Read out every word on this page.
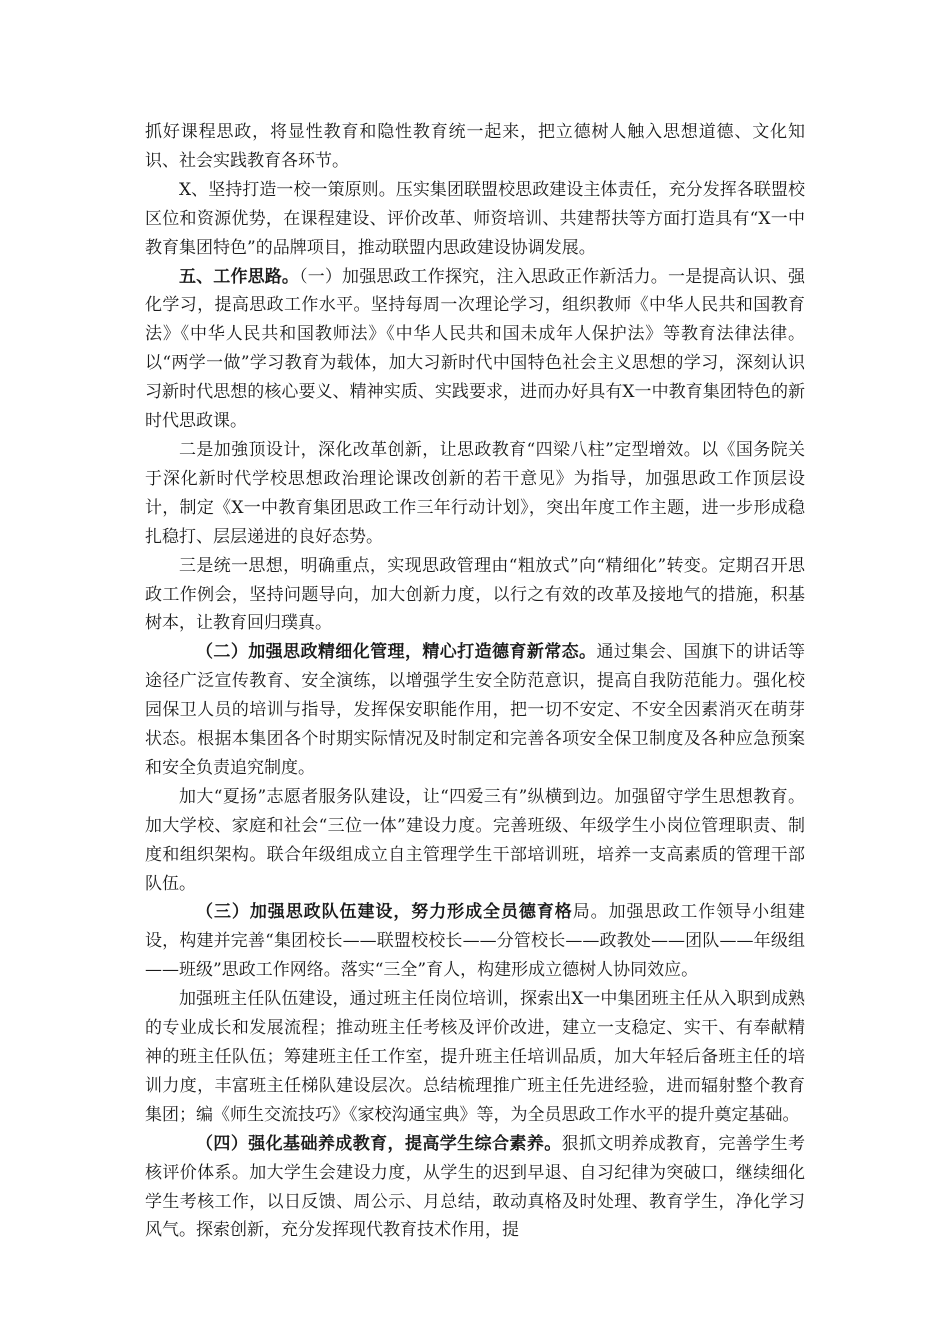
抓好课程思政，将显性教育和隐性教育统一起来，把立德树人触入思想道德、文化知识、社会实践教育各环节。

X、坚持打造一校一策原则。压实集团联盟校思政建设主体责任，充分发挥各联盟校区位和资源优势，在课程建设、评价改革、师资培训、共建帮扶等方面打造具有“X一中教育集团特色”的品牌项目，推动联盟内思政建设协调发展。

五、工作思路。（一）加强思政工作探究，注入思政正作新活力。一是提高认识、强化学习，提高思政工作水平。坚持每周一次理论学习，组织教师《中华人民共和国教育法》《中华人民共和国教师法》《中华人民共和国未成年人保护法》等教育法律法律。以“两学一做”学习教育为载体，加大习新时代中国特色社会主义思想的学习，深刻认识习新时代思想的核心要义、精神实质、实践要求，进而办好具有X一中教育集团特色的新时代思政课。

二是加強顶设计，深化改革创新，让思政教育“四梁八柱”定型增效。以《国务院关于深化新时代学校思想政治理论课改创新的若干意见》为指导，加强思政工作顶层设计，制定《X一中教育集团思政工作三年行动计划》，突出年度工作主题，进一步形成稳扎稳打、层层递进的良好态势。

三是统一思想，明确重点，实现思政管理由“粗放式”向“精细化”转变。定期召开思政工作例会，坚持问题导向，加大创新力度，以行之有效的改革及接地气的措施，积基树本，让教育回归璞真。

（二）加强思政精细化管理，精心打造德育新常态。通过集会、国旗下的讲话等途径广泛宣传教育、安全演练，以增强学生安全防范意识，提高自我防范能力。强化校园保卫人员的培训与指导，发挥保安职能作用，把一切不安定、不安全因素消灭在萌芽状态。根据本集团各个时期实际情况及时制定和完善各项安全保卫制度及各种应急预案和安全负责追究制度。

加大“夏扬”志愿者服务队建设，让“四爱三有”纵横到边。加强留守学生思想教育。加大学校、家庭和社会“三位一体”建设力度。完善班级、年级学生小岗位管理职责、制度和组织架构。联合年级组成立自主管理学生干部培训班，培养一支高素质的管理干部队伍。

（三）加强思政队伍建设，努力形成全员德育格局。加强思政工作领导小组建设，构建并完善“集团校长——联盟校校长——分管校长——政教处——团队——年级组——班级”思政工作网络。落实“三全”育人，构建形成立德树人协同效应。

加强班主任队伍建设，通过班主任岗位培训，探索出X一中集团班主任从入职到成熟的专业成长和发展流程；推动班主任考核及评价改进，建立一支稳定、实干、有奉献精神的班主任队伍；筹建班主任工作室，提升班主任培训品质，加大年轻后备班主任的培训力度，丰富班主任梯队建设层次。总结梳理推广班主任先进经验，进而辐射整个教育集团；编《师生交流技巧》《家校沟通宝典》等，为全员思政工作水平的提升奠定基础。

（四）强化基础养成教育，提高学生综合素养。狠抓文明养成教育，完善学生考核评价体系。加大学生会建设力度，从学生的迟到早退、自习纪律为突破口，继续细化学生考核工作，以日反馈、周公示、月总结，敢动真格及时处理、教育学生，净化学习风气。探索创新，充分发挥现代教育技术作用，提
